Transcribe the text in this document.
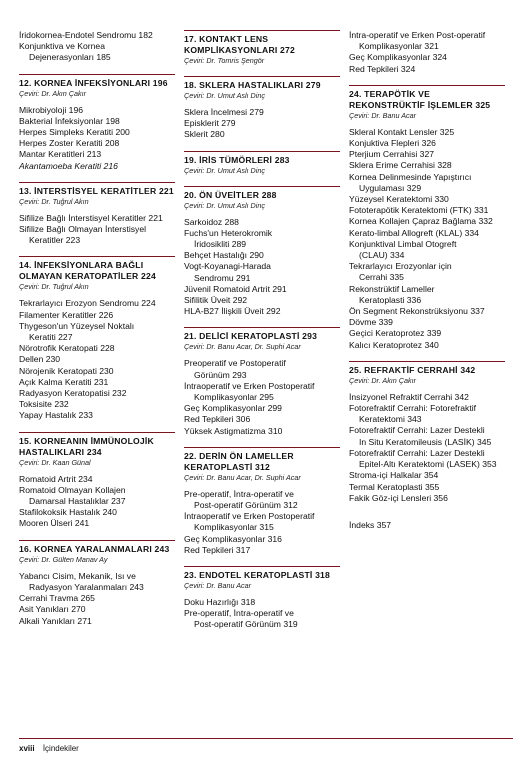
İridokornea-Endotel Sendromu 182
Konjunktiva ve Kornea
Dejenerasyonları 185
12. KORNEA İNFEKSİYONLARI 196
Çeviri: Dr. Akın Çakır
Mikrobiyoloji 196
Bakterial İnfeksiyonlar 198
Herpes Simpleks Keratiti 200
Herpes Zoster Keratiti 208
Mantar Keratitleri 213
Akantamoeba Keratiti 216
13. İNTERSTİSYEL KERATİTLER 221
Çeviri: Dr. Tuğrul Akın
Sifilize Bağlı İnterstisyel Keratitler 221
Sifilize Bağlı Olmayan İnterstisyel
Keratitler 223
14. İNFEKSİYONLARA BAĞLI OLMAYAN KERATOPATİLER 224
Çeviri: Dr. Tuğrul Akın
Tekrarlayıcı Erozyon Sendromu 224
Filamenter Keratitler 226
Thygeson'un Yüzeysel Noktalı
Keratiti 227
Nörotrofik Keratopati 228
Dellen 230
Nörojenik Keratopati 230
Açık Kalma Keratiti 231
Radyasyon Keratopatisi 232
Toksisite 232
Yapay Hastalık 233
15. KORNEANIN İMMÜNOLOJİK HASTALIKLARI 234
Çeviri: Dr. Kaan Günal
Romatoid Artrit 234
Romatoid Olmayan Kollajen
Damarsal Hastalıklar 237
Stafilokoksik Hastalık 240
Mooren Ülseri 241
16. KORNEA YARALANMALARI 243
Çeviri: Dr. Gülten Manav Ay
Yabancı Cisim, Mekanik, Isı ve
Radyasyon Yaralanmaları 243
Cerrahi Travma 265
Asit Yanıkları 270
Alkali Yanıkları 271
17. KONTAKT LENS KOMPLİKASYONLARI 272
Çeviri: Dr. Tomris Şengör
18. SKLERA HASTALIKLARI 279
Çeviri: Dr. Umut Aslı Dinç
Sklera İncelmesi 279
Episklerit 279
Sklerit 280
19. İRİS TÜMÖRLERİ 283
Çeviri: Dr. Umut Aslı Dinç
20. ÖN ÜVEİTLER 288
Çeviri: Dr. Umut Aslı Dinç
Sarkoidoz 288
Fuchs'un Heterokromik
İridosikliti 289
Behçet Hastalığı 290
Vogt-Koyanagi-Harada
Sendromu 291
Jüvenil Romatoid Artrit 291
Sifilitik Üveit 292
HLA-B27 İlişkili Üveit 292
21. DELİCİ KERATOPLASTİ 293
Çeviri: Dr. Banu Acar, Dr. Suphi Acar
Preoperatif ve Postoperatif
Görünüm 293
İntraoperatif ve Erken Postoperatif
Komplikasyonlar 295
Geç Komplikasyonlar 299
Red Tepkileri 306
Yüksek Astigmatizma 310
22. DERİN ÖN LAMELLER KERATOPLASTİ 312
Çeviri: Dr. Banu Acar, Dr. Suphi Acar
Pre-operatif, İntra-operatif ve
Post-operatif Görünüm 312
İntraoperatif ve Erken Postoperatif
Komplikasyonlar 315
Geç Komplikasyonlar 316
Red Tepkileri 317
23. ENDOTEL KERATOPLASTİ 318
Çeviri: Dr. Banu Acar
Doku Hazırlığı 318
Pre-operatif, İntra-operatif ve
Post-operatif Görünüm 319
İntra-operatif ve Erken Post-operatif
Komplikasyonlar 321
Geç Komplikasyonlar 324
Red Tepkileri 324
24. TERAPÖTİK VE REKONSTRÜKTİF İŞLEMLER 325
Çeviri: Dr. Banu Acar
Skleral Kontakt Lensler 325
Konjuktiva Flepleri 326
Pterjium Cerrahisi 327
Sklera Erime Cerrahisi 328
Kornea Delinmesinde Yapıştırıcı
Uygulaması 329
Yüzeysel Keratektomi 330
Fototerapötik Keratektomi (FTK) 331
Kornea Kollajen Çapraz Bağlama 332
Kerato-limbal Allogreft (KLAL) 334
Konjunktival Limbal Otogreft
(CLAU) 334
Tekrarlayıcı Erozyonlar için
Cerrahi 335
Rekonstrüktif Lameller
Keratoplasti 336
Ön Segment Rekonstrüksiyonu 337
Dövme 339
Geçici Keratoprotez 339
Kalıcı Keratoprotez 340
25. REFRAKTİF CERRAHİ 342
Çeviri: Dr. Akın Çakır
İnsizyonel Refraktif Cerrahi 342
Fotorefraktif Cerrahi: Fotorefraktif
Keratektomi 343
Fotorefraktif Cerrahi: Lazer Destekli
In Situ Keratomileusis (LASİK) 345
Fotorefraktif Cerrahi: Lazer Destekli
Epitel-Altı Keratektomi (LASEK) 353
Stroma-içi Halkalar 354
Termal Keratoplasti 355
Fakik Göz-içi Lensleri 356
İndeks 357
xviii İçindekiler
